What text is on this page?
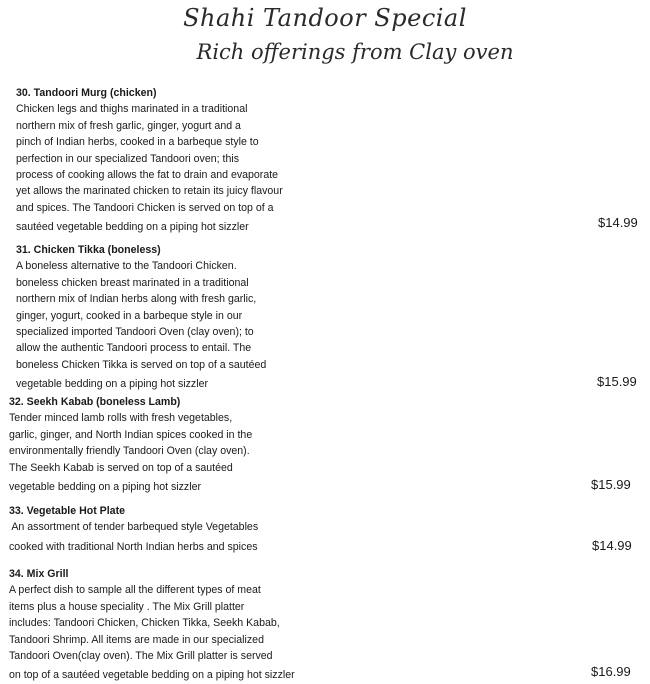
Shahi Tandoor Special
Rich offerings from Clay oven
30. Tandoori Murg (chicken)
Chicken legs and thighs marinated in a traditional
northern mix of fresh garlic, ginger, yogurt and a
pinch of Indian herbs, cooked in a barbeque style to
perfection in our specialized Tandoori oven; this
process of cooking allows the fat to drain and evaporate
yet allows the marinated chicken to retain its juicy flavour
and spices. The Tandoori Chicken is served on top of a
sautéed vegetable bedding on a piping hot sizzler	$14.99
31. Chicken Tikka (boneless)
A boneless alternative to the Tandoori Chicken.
boneless chicken breast marinated in a traditional
northern mix of Indian herbs along with fresh garlic,
ginger, yogurt, cooked in a barbeque style in our
specialized imported Tandoori Oven (clay oven); to
allow the authentic Tandoori process to entail. The
boneless Chicken Tikka is served on top of a sautéed
vegetable bedding on a piping hot sizzler	$15.99
32. Seekh Kabab (boneless Lamb)
Tender minced lamb rolls with fresh vegetables,
garlic, ginger, and North Indian spices cooked in the
environmentally friendly Tandoori Oven (clay oven).
The Seekh Kabab is served on top of a sautéed
vegetable bedding on a piping hot sizzler	$15.99
33. Vegetable Hot Plate
An assortment of tender barbequed style Vegetables
cooked with traditional North Indian herbs and spices	$14.99
34. Mix Grill
A perfect dish to sample all the different types of meat
items plus a house speciality . The Mix Grill platter
includes: Tandoori Chicken, Chicken Tikka, Seekh Kabab,
Tandoori Shrimp. All items are made in our specialized
Tandoori Oven(clay oven). The Mix Grill platter is served
on top of a sautéed vegetable bedding on a piping hot sizzler	$16.99
